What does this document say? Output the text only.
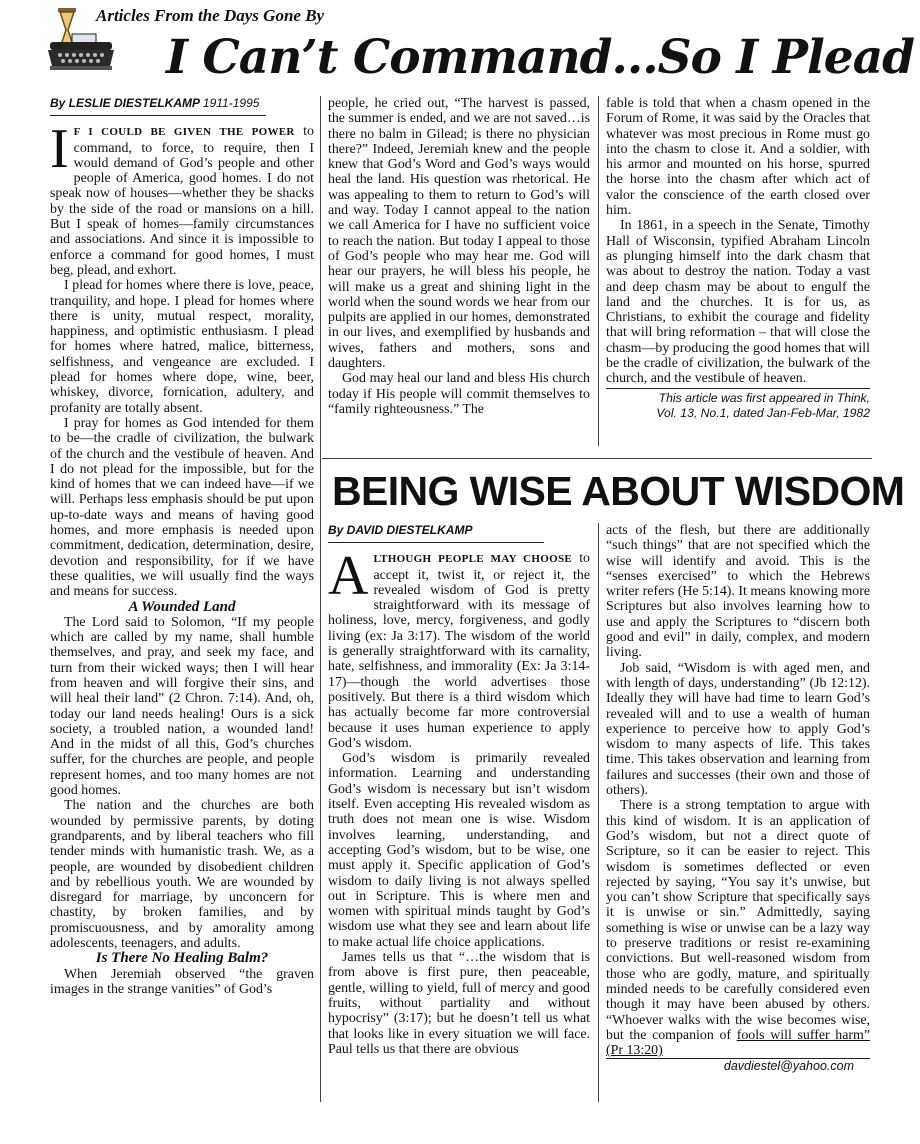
Articles From the Days Gone By
I Can’t Command...So I Plead
By LESLIE DIESTELKAMP 1911-1995

I F I COULD BE GIVEN THE POWER to command, to force, to require, then I would demand of God’s people and other people of America, good homes. I do not speak now of houses—whether they be shacks by the side of the road or mansions on a hill. But I speak of homes—family circumstances and associations. And since it is impossible to enforce a command for good homes, I must beg, plead, and exhort.

I plead for homes where there is love, peace, tranquility, and hope. I plead for homes where there is unity, mutual respect, morality, happiness, and optimistic enthusiasm. I plead for homes where hatred, malice, bitterness, selfishness, and vengeance are excluded. I plead for homes where dope, wine, beer, whiskey, divorce, fornication, adultery, and profanity are totally absent.

I pray for homes as God intended for them to be—the cradle of civilization, the bulwark of the church and the vestibule of heaven. And I do not plead for the impossible, but for the kind of homes that we can indeed have—if we will. Perhaps less emphasis should be put upon up-to-date ways and means of having good homes, and more emphasis is needed upon commitment, dedication, determination, desire, devotion and responsibility, for if we have these qualities, we will usually find the ways and means for success.

A Wounded Land

The Lord said to Solomon, “If my people which are called by my name, shall humble themselves, and pray, and seek my face, and turn from their wicked ways; then I will hear from heaven and will forgive their sins, and will heal their land” (2 Chron. 7:14). And, oh, today our land needs healing! Ours is a sick society, a troubled nation, a wounded land! And in the midst of all this, God’s churches suffer, for the churches are people, and people represent homes, and too many homes are not good homes.

The nation and the churches are both wounded by permissive parents, by doting grandparents, and by liberal teachers who fill tender minds with humanistic trash. We, as a people, are wounded by disobedient children and by rebellious youth. We are wounded by disregard for marriage, by unconcern for chastity, by broken families, and by promiscuousness, and by amorality among adolescents, teenagers, and adults.

Is There No Healing Balm?

When Jeremiah observed “the graven images in the strange vanities” of God’s

people, he cried out, “The harvest is passed, the summer is ended, and we are not saved…is there no balm in Gilead; is there no physician there?” Indeed, Jeremiah knew and the people knew that God’s Word and God’s ways would heal the land. His question was rhetorical. He was appealing to them to return to God’s will and way. Today I cannot appeal to the nation we call America for I have no sufficient voice to reach the nation. But today I appeal to those of God’s people who may hear me. God will hear our prayers, he will bless his people, he will make us a great and shining light in the world when the sound words we hear from our pulpits are applied in our homes, demonstrated in our lives, and exemplified by husbands and wives, fathers and mothers, sons and daughters.

God may heal our land and bless His church today if His people will commit themselves to “family righteousness.” The

fable is told that when a chasm opened in the Forum of Rome, it was said by the Oracles that whatever was most precious in Rome must go into the chasm to close it. And a soldier, with his armor and mounted on his horse, spurred the horse into the chasm after which act of valor the conscience of the earth closed over him.

In 1861, in a speech in the Senate, Timothy Hall of Wisconsin, typified Abraham Lincoln as plunging himself into the dark chasm that was about to destroy the nation. Today a vast and deep chasm may be about to engulf the land and the churches. It is for us, as Christians, to exhibit the courage and fidelity that will bring reformation – that will close the chasm—by producing the good homes that will be the cradle of civilization, the bulwark of the church, and the vestibule of heaven.

This article was first appeared in Think,
Vol. 13, No.1, dated Jan-Feb-Mar, 1982
BEING WISE ABOUT WISDOM
By DAVID DIESTELKAMP

ALTHOUGH PEOPLE MAY CHOOSE to accept it, twist it, or reject it, the revealed wisdom of God is pretty straightforward with its message of holiness, love, mercy, forgiveness, and godly living (ex: Ja 3:17). The wisdom of the world is generally straightforward with its carnality, hate, selfishness, and immorality (Ex: Ja 3:14-17)—though the world advertises those positively. But there is a third wisdom which has actually become far more controversial because it uses human experience to apply God’s wisdom.

God’s wisdom is primarily revealed information. Learning and understanding God’s wisdom is necessary but isn’t wisdom itself. Even accepting His revealed wisdom as truth does not mean one is wise. Wisdom involves learning, understanding, and accepting God’s wisdom, but to be wise, one must apply it. Specific application of God’s wisdom to daily living is not always spelled out in Scripture. This is where men and women with spiritual minds taught by God’s wisdom use what they see and learn about life to make actual life choice applications.

James tells us that “…the wisdom that is from above is first pure, then peaceable, gentle, willing to yield, full of mercy and good fruits, without partiality and without hypocrisy” (3:17); but he doesn’t tell us what that looks like in every situation we will face. Paul tells us that there are obvious

acts of the flesh, but there are additionally “such things” that are not specified which the wise will identify and avoid. This is the “senses exercised” to which the Hebrews writer refers (He 5:14). It means knowing more Scriptures but also involves learning how to use and apply the Scriptures to “discern both good and evil” in daily, complex, and modern living.

Job said, “Wisdom is with aged men, and with length of days, understanding” (Jb 12:12). Ideally they will have had time to learn God’s revealed will and to use a wealth of human experience to perceive how to apply God’s wisdom to many aspects of life. This takes time. This takes observation and learning from failures and successes (their own and those of others).

There is a strong temptation to argue with this kind of wisdom. It is an application of God’s wisdom, but not a direct quote of Scripture, so it can be easier to reject. This wisdom is sometimes deflected or even rejected by saying, “You say it’s unwise, but you can’t show Scripture that specifically says it is unwise or sin.” Admittedly, saying something is wise or unwise can be a lazy way to preserve traditions or resist re-examining convictions. But well-reasoned wisdom from those who are godly, mature, and spiritually minded needs to be carefully considered even though it may have been abused by others. “Whoever walks with the wise becomes wise, but the companion of fools will suffer harm” (Pr 13:20)

davdiestel@yahoo.com
